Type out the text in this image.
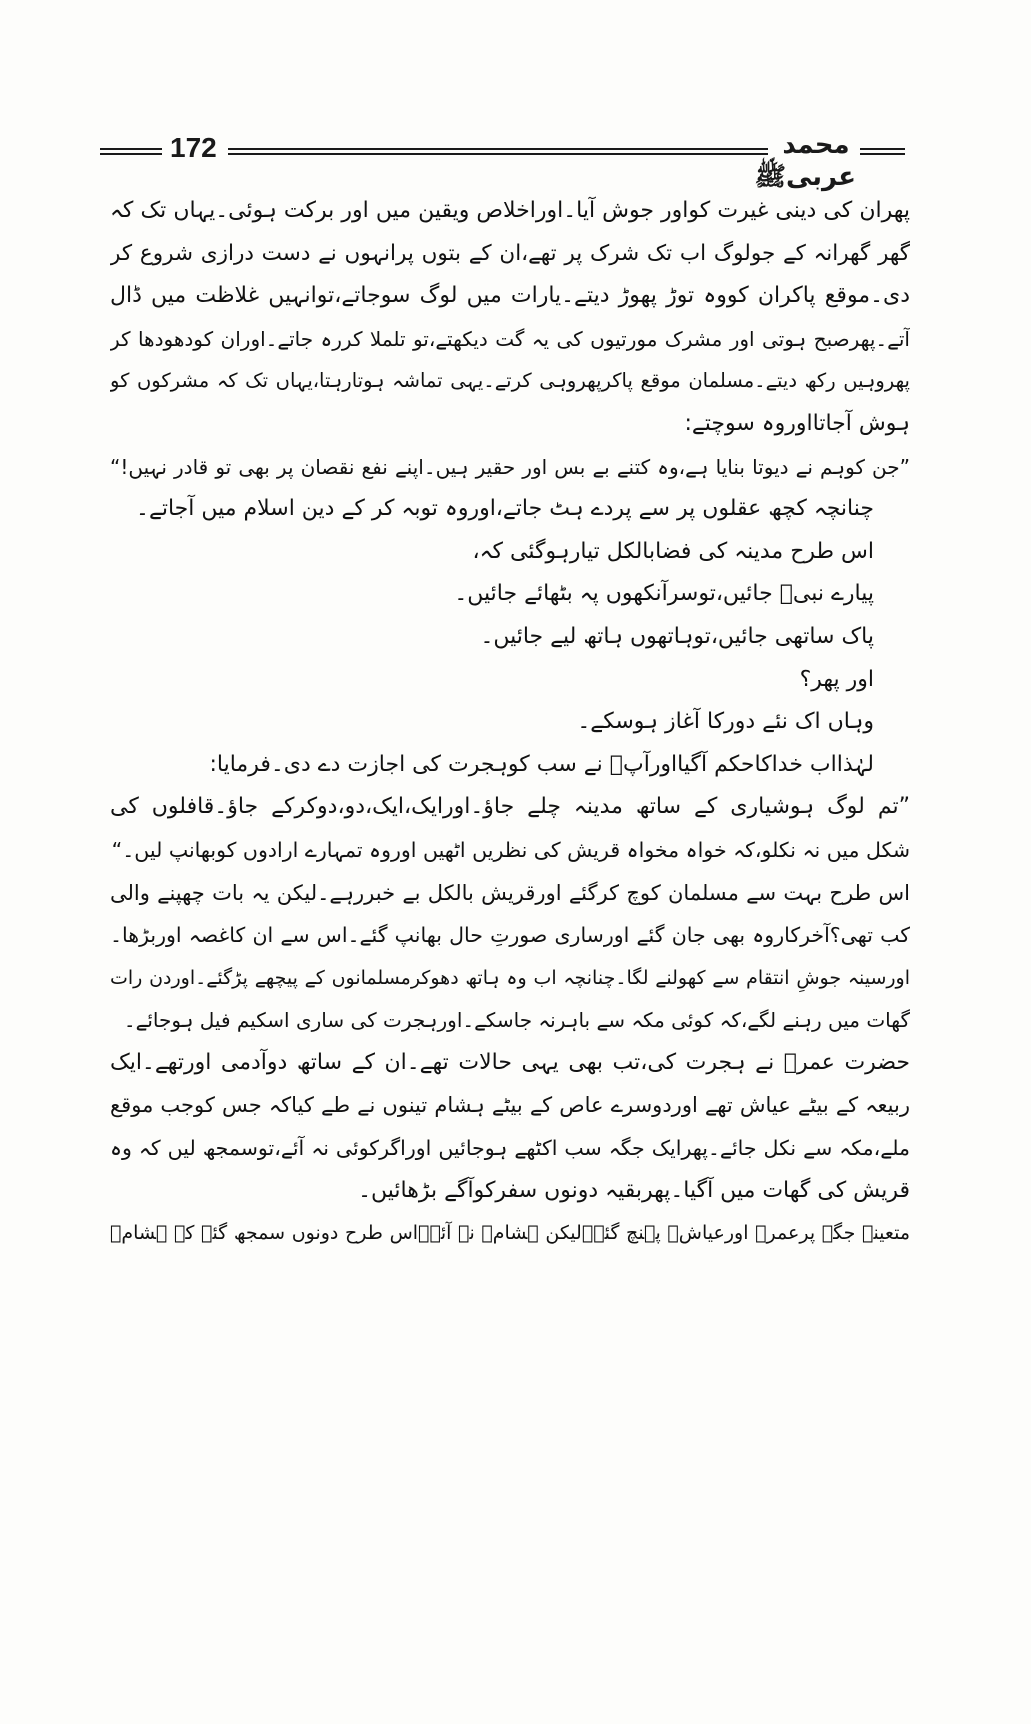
172	محمد عربیﷺ
پھران کی دینی غیرت کواور جوش آیا۔اوراخلاص ویقین میں اور برکت ہوئی۔یہاں تک کہ
گھر گھرانہ کے جولوگ اب تک شرک پر تھے،ان کے بتوں پرانہوں نے دست درازی شروع کر
دی۔موقع پاکران کووہ توڑ پھوڑ دیتے۔یارات میں لوگ سوجاتے،توانہیں غلاظت میں ڈال
آتے۔پھرصبح ہوتی اور مشرک مورتیوں کی یہ گت دیکھتے،تو تلملا کررہ جاتے۔اوران کودھودھا کر
پھروہیں رکھ دیتے۔مسلمان موقع پاکرپھروہی کرتے۔یہی تماشہ ہوتارہتا،یہاں تک کہ مشرکوں کو
ہوش آجاتااوروہ سوچتے:
”جن کوہم نے دیوتا بنایا ہے،وہ کتنے بے بس اور حقیر ہیں۔اپنے نفع نقصان پر بھی تو قادر نہیں!“
چنانچہ کچھ عقلوں پر سے پردے ہٹ جاتے،اوروہ توبہ کر کے دین اسلام میں آجاتے۔
اس طرح مدینہ کی فضابالکل تیارہوگئی کہ،
پیارے نبیؐ جائیں،توسرآنکھوں پہ بٹھائے جائیں۔
پاک ساتھی جائیں،توہاتھوں ہاتھ لیے جائیں۔
اور پھر؟
وہاں اک نئے دورکا آغاز ہوسکے۔
لہٰذااب خداکاحکم آگیااورآپؐ نے سب کوہجرت کی اجازت دے دی۔فرمایا:
”تم لوگ ہوشیاری کے ساتھ مدینہ چلے جاؤ۔اورایک،ایک،دو،دوکرکے جاؤ۔قافلوں کی
شکل میں نہ نکلو،کہ خواہ مخواہ قریش کی نظریں اٹھیں اوروہ تمہارے ارادوں کوبھانپ لیں۔“
اس طرح بہت سے مسلمان کوچ کرگئے اورقریش بالکل بے خبررہے۔لیکن یہ بات چھپنے والی
کب تھی؟آخرکاروہ بھی جان گئے اورساری صورتِ حال بھانپ گئے۔اس سے ان کاغصہ اوربڑھا۔
اورسینہ جوشِ انتقام سے کھولنے لگا۔چنانچہ اب وہ ہاتھ دھوکرمسلمانوں کے پیچھے پڑگئے۔اوردن رات
گھات میں رہنے لگے،کہ کوئی مکہ سے باہرنہ جاسکے۔اورہجرت کی ساری اسکیم فیل ہوجائے۔
حضرت عمرؓ نے ہجرت کی،تب بھی یہی حالات تھے۔ان کے ساتھ دوآدمی اورتھے۔ایک
ربیعہ کے بیٹے عیاش تھے اوردوسرے عاص کے بیٹے ہشام تینوں نے طے کیاکہ جس کوجب موقع
ملے،مکہ سے نکل جائے۔پھرایک جگہ سب اکٹھے ہوجائیں اوراگرکوئی نہ آئے،توسمجھ لیں کہ وہ
قریش کی گھات میں آگیا۔پھربقیہ دونوں سفرکوآگے بڑھائیں۔
متعینہ جگہ پرعمرؓ اورعیاشؓ پہنچ گئے۔لیکن ہشامؓ نہ آئے۔اس طرح دونوں سمجھ گئے کہ ہشامؓ
